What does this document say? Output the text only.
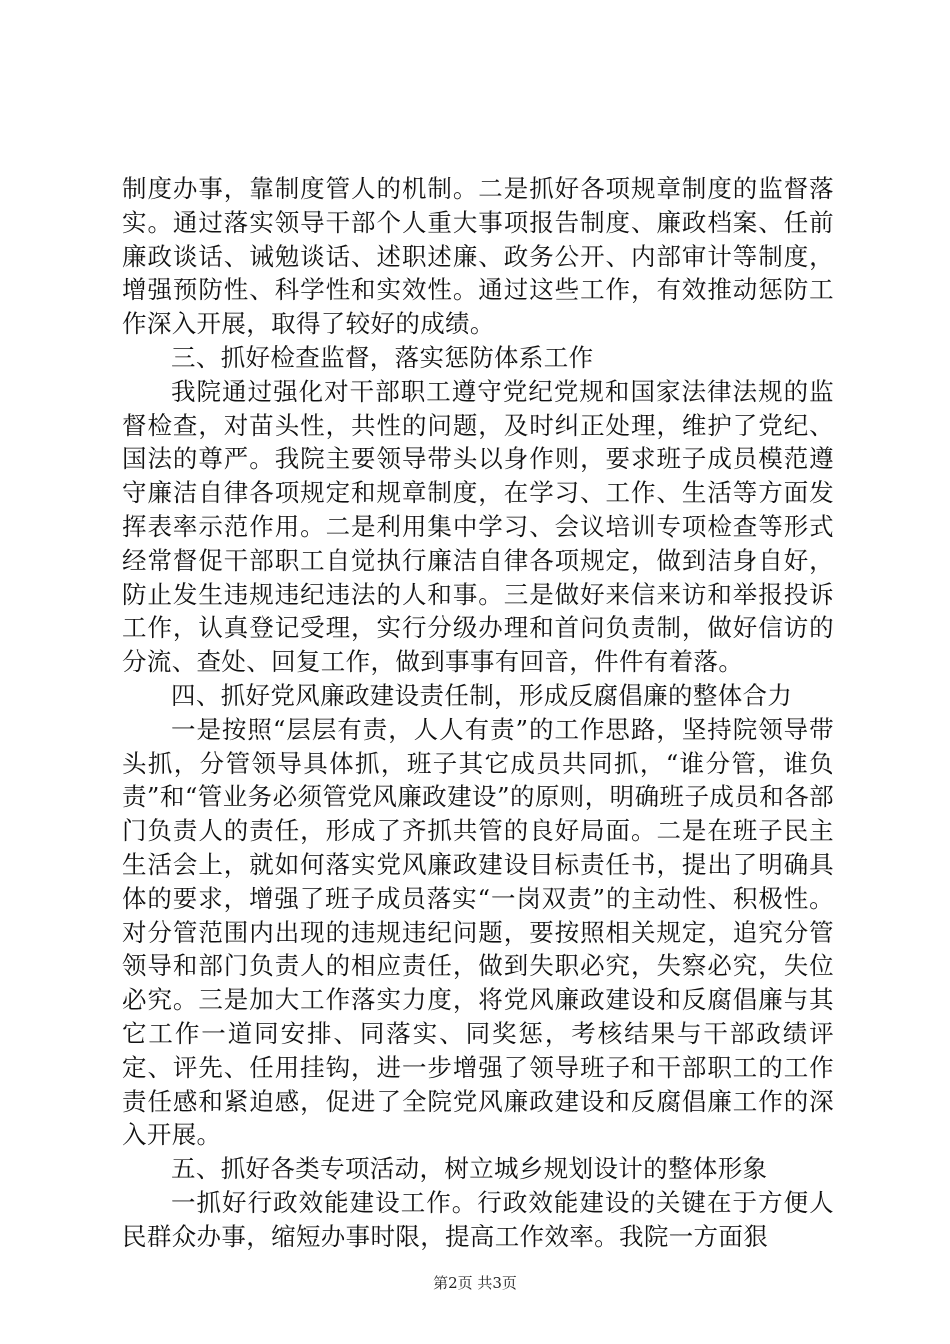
制度办事，靠制度管人的机制。二是抓好各项规章制度的监督落实。通过落实领导干部个人重大事项报告制度、廉政档案、任前廉政谈话、诫勉谈话、述职述廉、政务公开、内部审计等制度，增强预防性、科学性和实效性。通过这些工作，有效推动惩防工作深入开展，取得了较好的成绩。

三、抓好检查监督，落实惩防体系工作

我院通过强化对干部职工遵守党纪党规和国家法律法规的监督检查，对苗头性，共性的问题，及时纠正处理，维护了党纪、国法的尊严。我院主要领导带头以身作则，要求班子成员模范遵守廉洁自律各项规定和规章制度，在学习、工作、生活等方面发挥表率示范作用。二是利用集中学习、会议培训专项检查等形式经常督促干部职工自觉执行廉洁自律各项规定，做到洁身自好，防止发生违规违纪违法的人和事。三是做好来信来访和举报投诉工作，认真登记受理，实行分级办理和首问负责制，做好信访的分流、查处、回复工作，做到事事有回音，件件有着落。

四、抓好党风廉政建设责任制，形成反腐倡廉的整体合力

一是按照“层层有责，人人有责”的工作思路，坚持院领导带头抓，分管领导具体抓，班子其它成员共同抓，“谁分管，谁负责”和“管业务必须管党风廉政建设”的原则，明确班子成员和各部门负责人的责任，形成了齐抓共管的良好局面。二是在班子民主生活会上，就如何落实党风廉政建设目标责任书，提出了明确具体的要求，增强了班子成员落实“一岗双责”的主动性、积极性。对分管范围内出现的违规违纪问题，要按照相关规定，追究分管领导和部门负责人的相应责任，做到失职必究，失察必究，失位必究。三是加大工作落实力度，将党风廉政建设和反腐倡廉与其它工作一道同安排、同落实、同奖惩，考核结果与干部政绩评定、评先、任用挂钩，进一步增强了领导班子和干部职工的工作责任感和紧迫感，促进了全院党风廉政建设和反腐倡廉工作的深入开展。

五、抓好各类专项活动，树立城乡规划设计的整体形象

一抓好行政效能建设工作。行政效能建设的关键在于方便人民群众办事，缩短办事时限，提高工作效率。我院一方面狠

第2页 共3页
